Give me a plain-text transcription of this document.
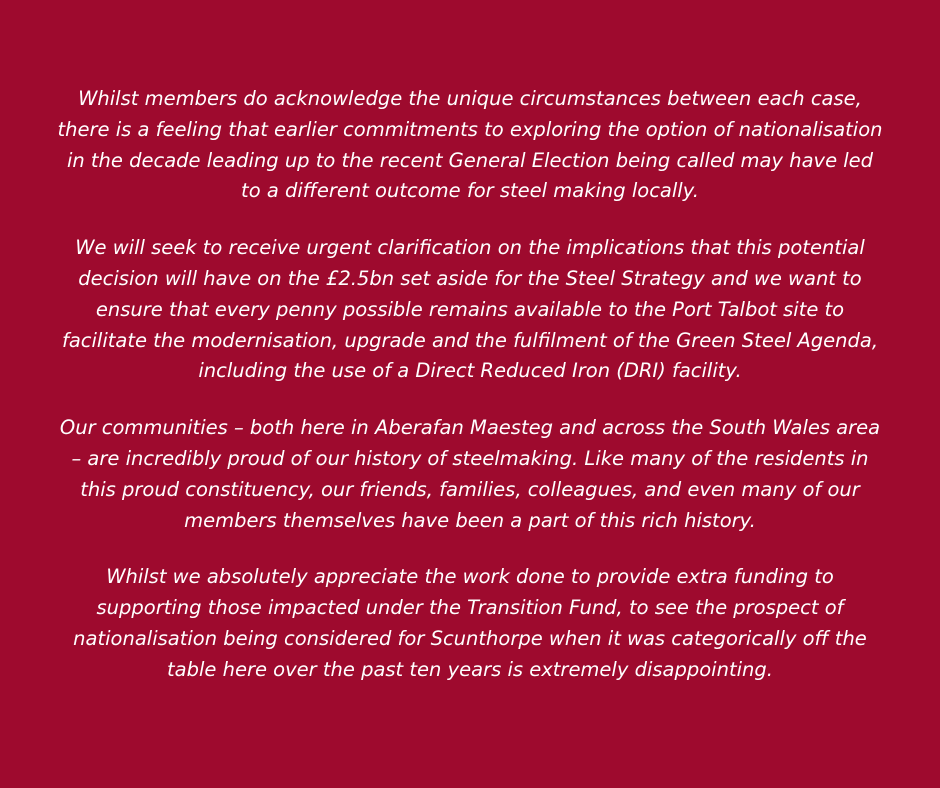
Whilst members do acknowledge the unique circumstances between each case, there is a feeling that earlier commitments to exploring the option of nationalisation in the decade leading up to the recent General Election being called may have led to a different outcome for steel making locally.

We will seek to receive urgent clarification on the implications that this potential decision will have on the £2.5bn set aside for the Steel Strategy and we want to ensure that every penny possible remains available to the Port Talbot site to facilitate the modernisation, upgrade and the fulfilment of the Green Steel Agenda, including the use of a Direct Reduced Iron (DRI) facility.

Our communities – both here in Aberafan Maesteg and across the South Wales area – are incredibly proud of our history of steelmaking. Like many of the residents in this proud constituency, our friends, families, colleagues, and even many of our members themselves have been a part of this rich history.

Whilst we absolutely appreciate the work done to provide extra funding to supporting those impacted under the Transition Fund, to see the prospect of nationalisation being considered for Scunthorpe when it was categorically off the table here over the past ten years is extremely disappointing.
